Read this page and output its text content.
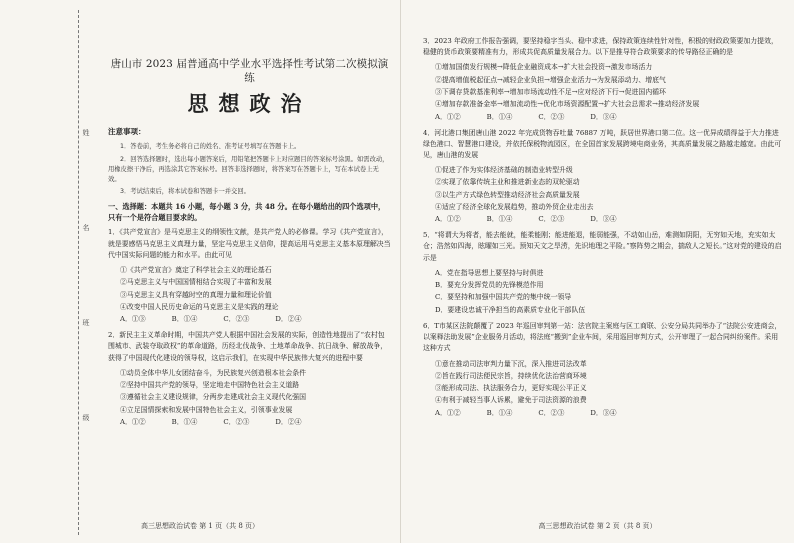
姓
名
班
级
唐山市 2023 届普通高中学业水平选择性考试第二次模拟演练
思想政治
注意事项：
1．答卷前，考生务必将自己的姓名、准考证号填写在答题卡上。
2．回答选择题时，选出每小题答案后，用铅笔把答题卡上对应题目的答案标号涂黑。如需改动，用橡皮擦干净后，再选涂其它答案标号。回答非选择题时，将答案写在答题卡上，写在本试卷上无效。
3．考试结束后，将本试卷和答题卡一并交回。
一、选择题：本题共 16 小题，每小题 3 分，共 48 分。在每小题给出的四个选项中，只有一个是符合题目要求的。
1．《共产党宣言》是马克思主义的纲领性文献，是共产党人的必修课。学习《共产党宣言》，就是要感悟马克思主义真理力量，坚定马克思主义信仰，提高运用马克思主义基本原理解决当代中国实际问题的能力和水平。由此可见
①《共产党宣言》奠定了科学社会主义的理论基石
②马克思主义与中国国情相结合实现了丰富和发展
③马克思主义具有穿越时空的真理力量和理论价值
④改变中国人民历史命运的马克思主义是实践的理论
A．①③	B．①④	C．②③	D．②④
2．新民主主义革命时期，中国共产党人根据中国社会发展的实际，创造性地提出了“农村包围城市、武装夺取政权”的革命道路，历经北伐战争、土地革命战争、抗日战争、解放战争，获得了中国现代化建设的领导权，这启示我们，在实现中华民族伟大复兴的进程中要
①动员全体中华儿女团结奋斗，为民族复兴创造根本社会条件
②坚持中国共产党的领导，坚定地走中国特色社会主义道路
③遵循社会主义建设规律，分两步走建成社会主义现代化强国
④立足国情探索和发展中国特色社会主义，引领事业发展
A．①②	B．①④	C．②③	D．②④
高三思想政治试卷 第 1 页（共 8 页）
3．2023 年政府工作报告强调，要坚持稳字当头、稳中求进，保持政策连续性针对性，积极的财政政策要加力提效，稳健的货币政策要精准有力，形成共促高质量发展合力。以下是推导符合政策要求的传导路径正确的是
①增加国债发行规模→降低企业融资成本→扩大社会投资→激发市场活力
②提高增值税起征点→减轻企业负担→增强企业活力→为发展添动力、增底气
③下调存贷款基准利率→增加市场流动性不足→应对经济下行→促进国内循环
④增加存款准备金率→增加流动性→优化市场资源配置→扩大社会总需求→推动经济发展
A．①②	B．①④	C．②③	D．③④
4．河北港口集团唐山港 2022 年完成货物吞吐量 76887 万吨，跃居世界港口第二位。这一优异成绩得益于大力推进绿色港口、智慧港口建设，并依托保税物流园区，在全国首家发展跨境电商业务，其高质量发展之路越走越宽。由此可见，唐山港的发展
①促进了作为实体经济基础的制造业转型升级
②实现了依靠传统主业和推进新业态的双轮驱动
③以生产方式绿色转型推动经济社会高质量发展
④适应了经济全球化发展趋势，推动外贸企业走出去
A．①②	B．①④	C．②③	D．③④
5．“将谓大为将者，能去能就，能柔能刚；能进能退，能弱能强，不动如山岳，难测如阴阳，无穷如天地，充实如太仓；浩然如四海，眩曜如三光。预知天文之旱涝，先识地理之平险。”察阵势之期会，揣敌人之短长。”这对党的建设的启示是
A．党在指导思想上要坚持与时俱进
B．要充分发挥党员的先锋模范作用
C．要坚持和加强中国共产党的集中统一领导
D．要建设忠诚干净担当的高素质专业化干部队伍
6．T市某区法院颠覆了 2023 年巡回审判第一站：法官院主案庭与区工商联、公安分局共同举办了“法院公安进商会，以案释法助发展”企业服务月活动，将法庭“搬到”企业车间，采用巡回审判方式，公开审理了一起合同纠纷案件。采用这种方式
①意在推动司法审判力量下沉，深入推进司法改革
②旨在践行司法便民宗旨，持续优化法治营商环境
③能形成司法、执法服务合力，更好实现公平正义
④有利于减轻当事人诉累，避免于司法资源的浪费
A．①②	B．①④	C．②③	D．③④
高三思想政治试卷 第 2 页（共 8 页）
